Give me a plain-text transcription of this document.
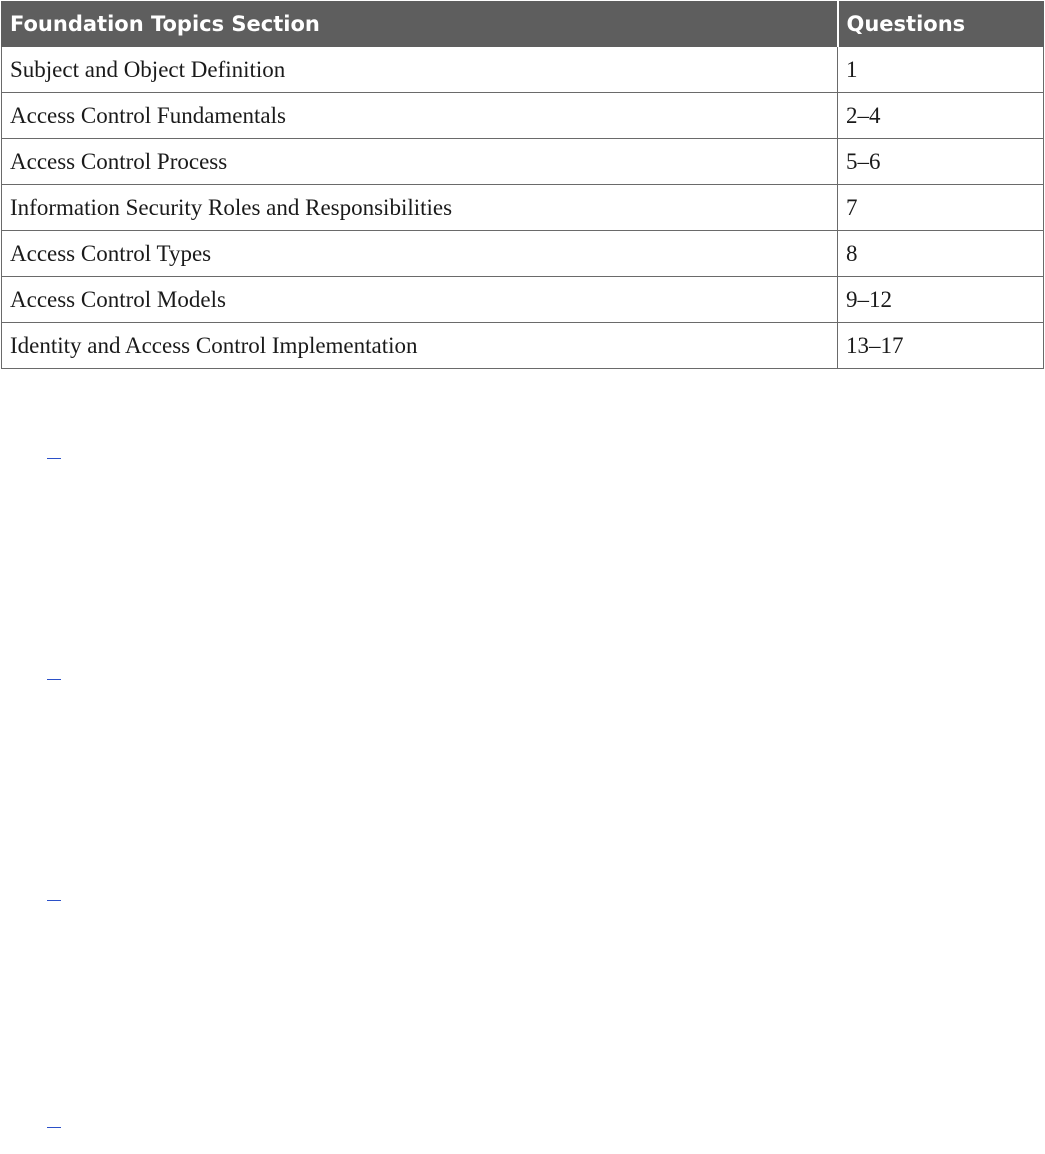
Foundation Topics Section	Questions
Subject and Object Definition	1
Access Control Fundamentals	2–4
Access Control Process	5–6
Information Security Roles and Responsibilities	7
Access Control Types	8
Access Control Models	9–12
Identity and Access Control Implementation	13–17
